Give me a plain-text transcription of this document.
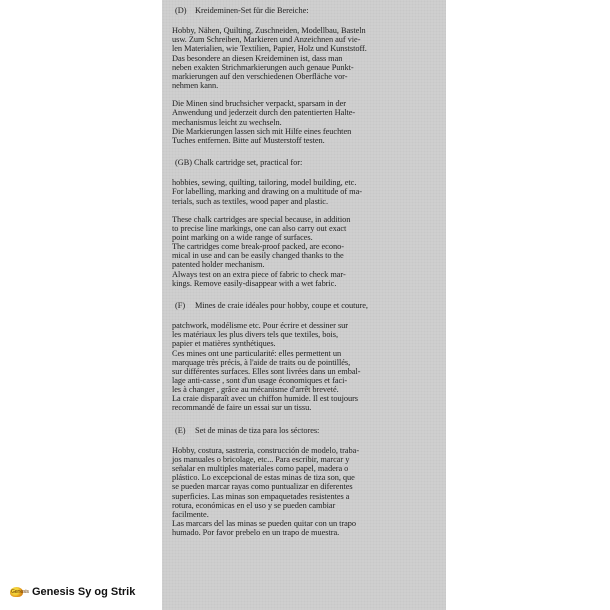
(D) Kreideminen-Set für die Bereiche:
Hobby, Nähen, Quilting, Zuschneiden, Modellbau, Basteln
usw. Zum Schreiben, Markieren und Anzeichnen auf vie-
len Materialien, wie Textilien, Papier, Holz und Kunststoff.
Das besondere an diesen Kreideminen ist, dass man
neben exakten Strichmarkierungen auch genaue Punkt-
markierungen auf den verschiedenen Oberfläche vor-
nehmen kann.
Die Minen sind bruchsicher verpackt, sparsam in der
Anwendung und jederzeit durch den patentierten Halte-
mechanismus leicht zu wechseln.
Die Markierungen lassen sich mit Hilfe eines feuchten
Tuches entfernen. Bitte auf Musterstoff testen.
(GB) Chalk cartridge set, practical for:
hobbies, sewing, quilting, tailoring, model building, etc.
For labelling, marking and drawing on a multitude of ma-
terials, such as textiles, wood paper and plastic.
These chalk cartridges are special because, in addition
to precise line markings, one can also carry out exact
point marking on a wide range of surfaces.
The cartridges come break-proof packed, are econo-
mical in use and can be easily changed thanks to the
patented holder mechanism.
Always test on an extra piece of fabric to check mar-
kings. Remove easily-disappear with a wet fabric.
(F) Mines de craie idéales pour hobby, coupe et couture,
patchwork, modélisme etc. Pour écrire et dessiner sur
les matériaux les plus divers tels que textiles, bois,
papier et matières synthétiques.
Ces mines ont une particularité: elles permettent un
marquage très précis, à l'aide de traits ou de pointillés,
sur différentes surfaces. Elles sont livrées dans un embal-
lage anti-casse , sont d'un usage économiques et faci-
les à changer , grâce au mécanisme d'arrêt breveté.
La craie disparaît avec un chiffon humide. Il est toujours
recommandé de faire un essai sur un tissu.
(E) Set de minas de tiza para los séctores:
Hobby, costura, sastreria, construcción de modelo, traba-
jos manuales o bricolage, etc... Para escribir, marcar y
señalar en multiples materiales como papel, madera o
plástico. Lo excepcional de estas minas de tiza son, que
se pueden marcar rayas como puntualizar en diferentes
superficies. Las minas son empaquetades resistentes a
rotura, económicas en el uso y se pueden cambiar
facilmente.
Las marcars del las minas se pueden quitar con un trapo
humado. Por favor prebelo en un trapo de muestra.
Genesis Genesis Sy og Strik
